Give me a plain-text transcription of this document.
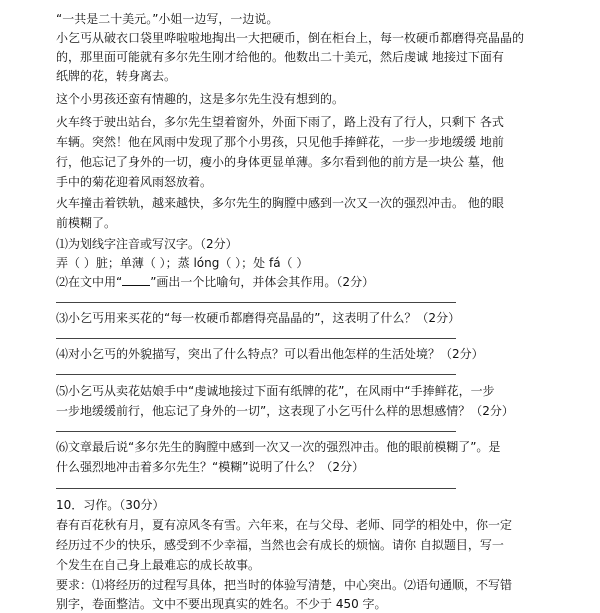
“一共是二十美元。”小姐一边写，一边说。
小乞丐从破衣口袋里哗啦啦地掏出一大把硬币，倒在柜台上，每一枚硬币都磨得亮晶晶的
的，那里面可能就有多尔先生刚才给他的。他数出二十美元，然后虔诚 地接过下面有
纸牌的花，转身离去。
这个小男孩还蛮有情趣的，这是多尔先生没有想到的。
火车终于驶出站台，多尔先生望着窗外，外面下雨了，路上没有了行人，只剩下 各式
车辆。突然！他在风雨中发现了那个小男孩，只见他手捧鲜花，一步一步地缓缓 地前
行，他忘记了身外的一切，瘦小的身体更显单薄。多尔看到他的前方是一块公 墓，他
手中的菊花迎着风雨怒放着。
火车撞击着铁轨，越来越快，多尔先生的胸膛中感到一次又一次的强烈冲击。 他的眼
前模糊了。
⑴为划线字注音或写汉字。（2分）
弄（ ）脏；单薄（ ）；蒸 lóng（ ）；处 fá（ ）
⑵在文中用“ ”画出一个比喻句，并体会其作用。（2分）
⑶小乞丐用来买花的“每一枚硬币都磨得亮晶晶的”，这表明了什么？（2分）
⑷对小乞丐的外貌描写，突出了什么特点？可以看出他怎样的生活处境？（2分）
⑸小乞丐从卖花姑娘手中“虔诚地接过下面有纸牌的花”，在风雨中“手捧鲜花，一步
一步地缓缓前行，他忘记了身外的一切”，这表现了小乞丐什么样的思想感情？（2分）
⑹文章最后说“多尔先生的胸膛中感到一次又一次的强烈冲击。他的眼前模糊了”。是
什么强烈地冲击着多尔先生？“模糊”说明了什么？（2分）
10．习作。（30分）
春有百花秋有月，夏有凉风冬有雪。六年来，在与父母、老师、同学的相处中，你一定
经历过不少的快乐，感受到不少幸福，当然也会有成长的烦恼。请你 自拟题目，写一
个发生在自己身上最难忘的成长故事。
要求：⑴将经历的过程写具体，把当时的体验写清楚，中心突出。⑵语句通顺，不写错
别字，卷面整洁。文中不要出现真实的姓名。不少于 450 字。
